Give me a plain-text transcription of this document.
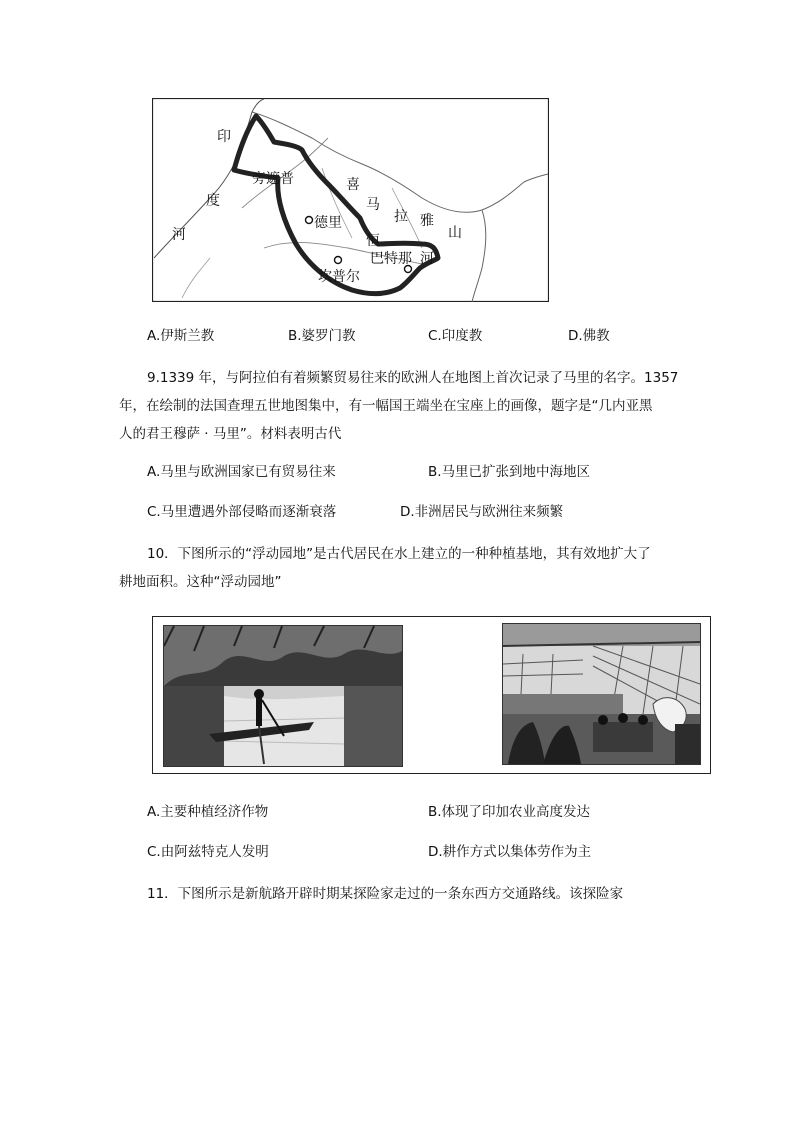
印
度
河
旁遮普	喜
马
拉 雅
山
德里
恒
巴特那 河
坎普尔
A.伊斯兰教	B.婆罗门教	C.印度教	D.佛教
9.1339 年，与阿拉伯有着频繁贸易往来的欧洲人在地图上首次记录了马里的名字。1357
年，在绘制的法国查理五世地图集中，有一幅国王端坐在宝座上的画像，题字是“几内亚黑
人的君王穆萨 · 马里”。材料表明古代
A.马里与欧洲国家已有贸易往来	B.马里已扩张到地中海地区
C.马里遭遇外部侵略而逐渐衰落	D.非洲居民与欧洲往来频繁
10．下图所示的“浮动园地”是古代居民在水上建立的一种种植基地，其有效地扩大了
耕地面积。这种“浮动园地”
A.主要种植经济作物	B.体现了印加农业高度发达
C.由阿兹特克人发明	D.耕作方式以集体劳作为主
11．下图所示是新航路开辟时期某探险家走过的一条东西方交通路线。该探险家
